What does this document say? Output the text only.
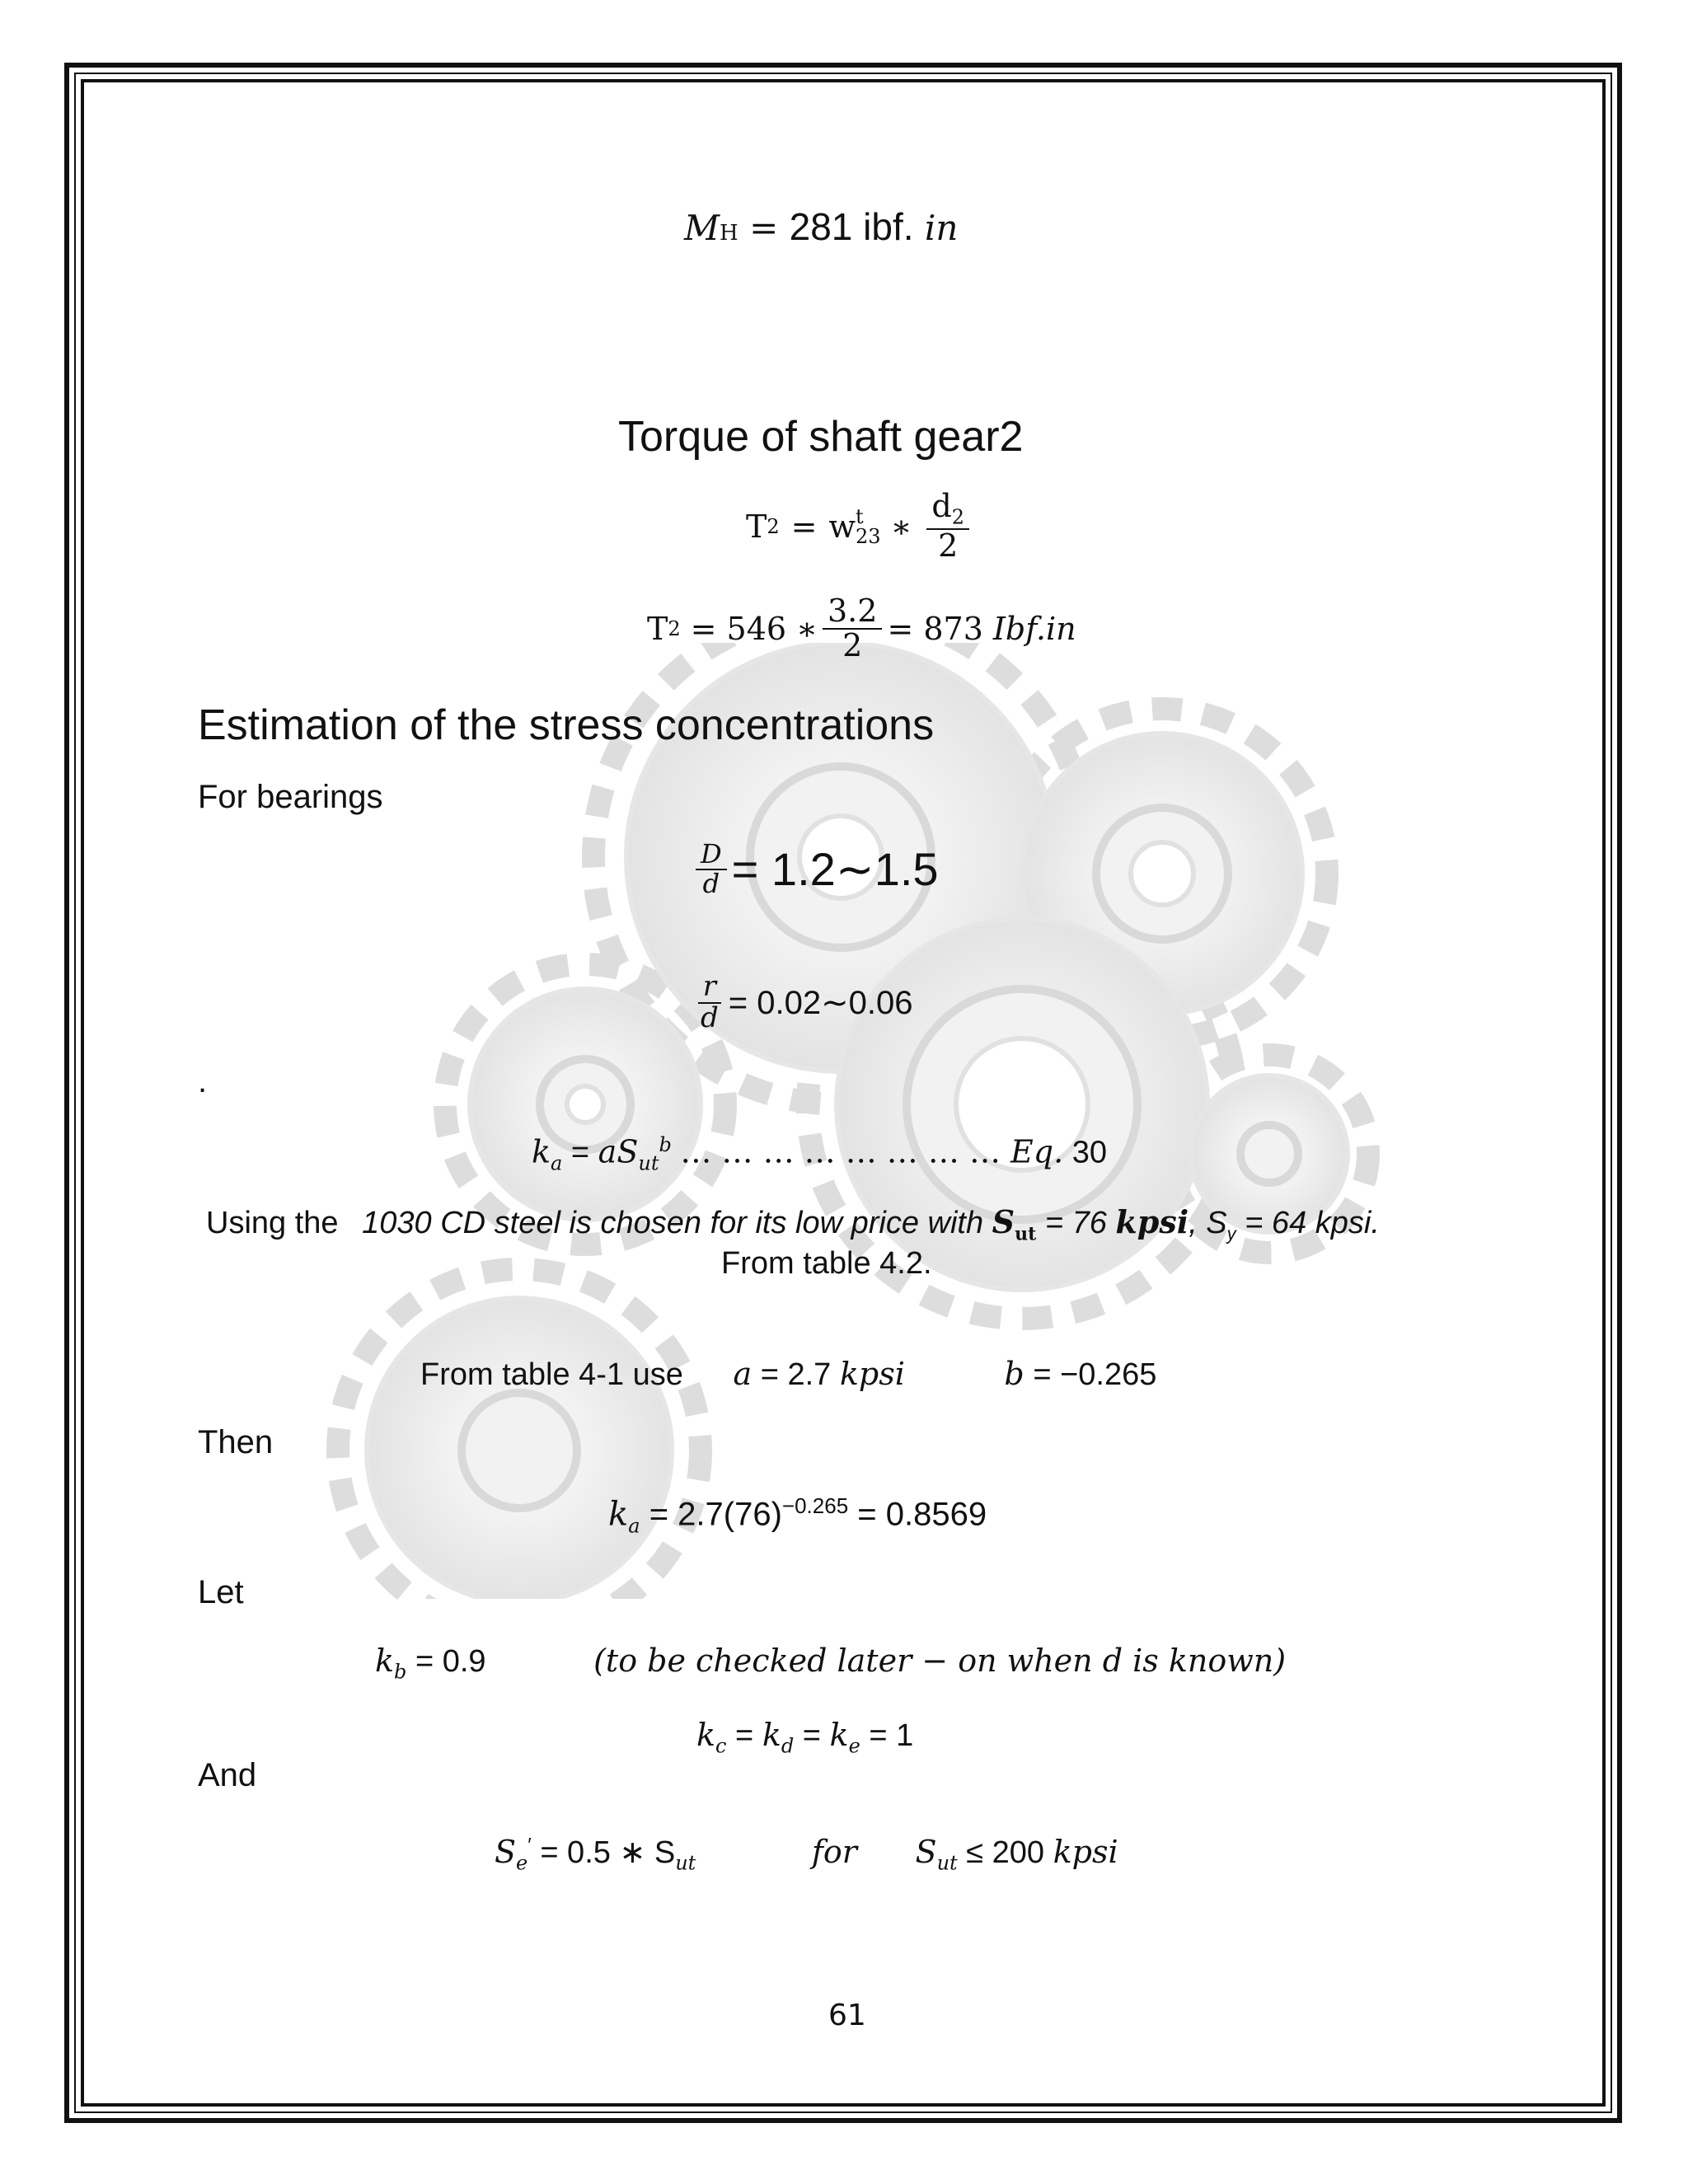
MH = 281 ibf. in
Torque of shaft gear2
T 2 = w t
23 ∗ $\frac{d_2}{2}$
T 2 = 546 ∗ $\frac{3.2}{2} = 873$ Ibf.in
Estimation of the stress concentrations
For bearings
$\frac{D}{d}$ = 1.2∼1.5
$\frac{r}{d}$ = 0.02∼0.06
.
$k_a = aS_{ut}^b$ … … … … … … … … Eq. 30
Using the 1030 CD steel is chosen for its low price with $S_{ut} = 76$ kpsi, $S_y = 64$ kpsi.
From table 4.2.
From table 4-1 use a = 2.7 kpsi	b = −0.265
Then
$k_a = 2.7(76)^{-0.265} = 0.8569$
Let
$k_b = 0.9$	(to be checked later − on when d is known)
$k_c = k_d = k_e = 1$
And
$S_e' = 0.5$ ∗ $S_{ut}$	for $S_{ut} \le 200$ kpsi
61
